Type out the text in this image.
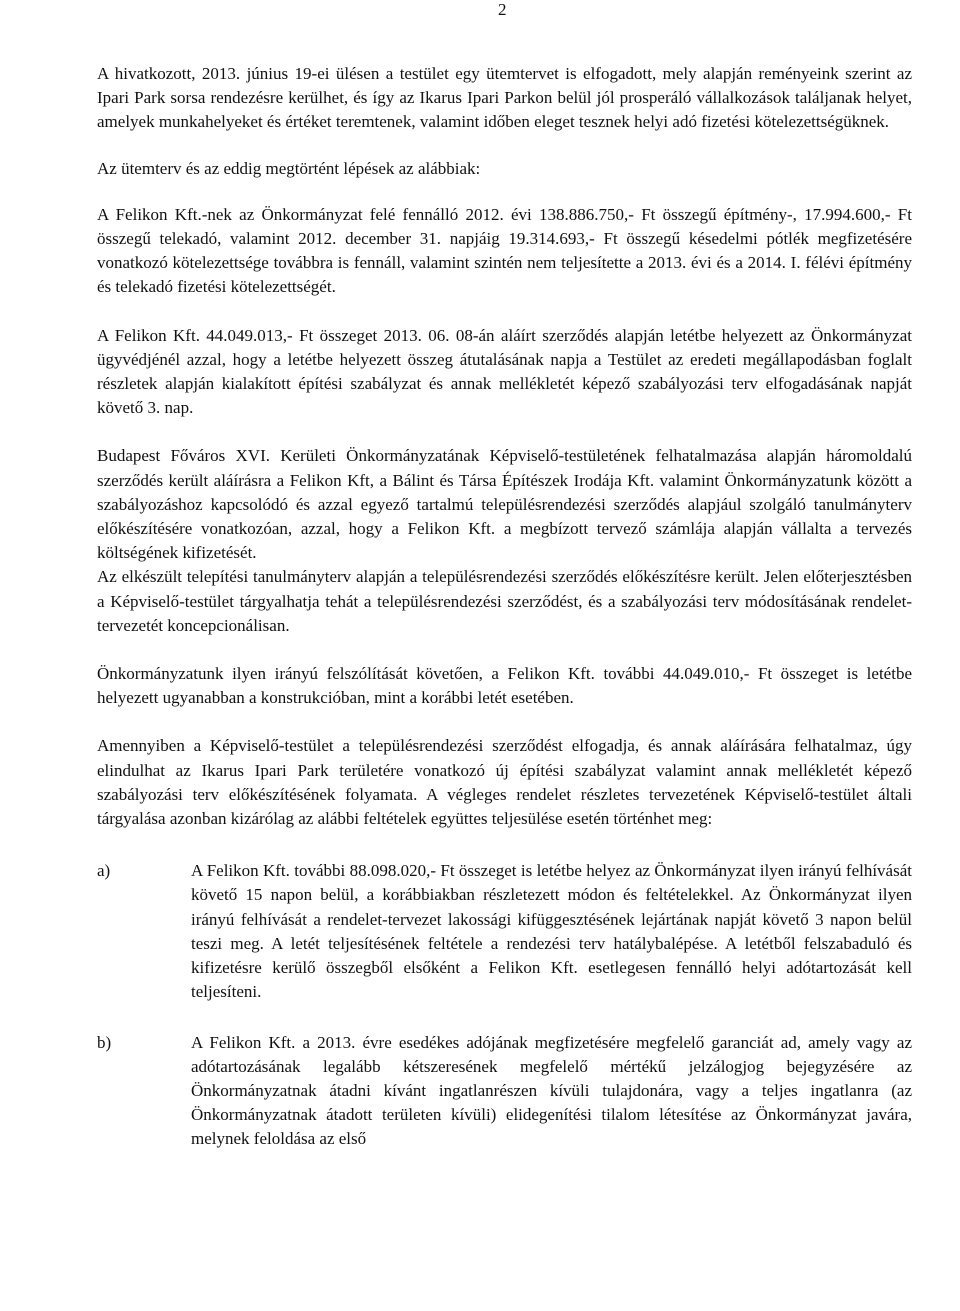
2

A hivatkozott, 2013. június 19-ei ülésen a testület egy ütemtervet is elfogadott, mely alapján reményeink szerint az Ipari Park sorsa rendezésre kerülhet, és így az Ikarus Ipari Parkon belül jól prosperáló vállalkozások találjanak helyet, amelyek munkahelyeket és értéket teremtenek, valamint időben eleget tesznek helyi adó fizetési kötelezettségüknek.

Az ütemterv és az eddig megtörtént lépések az alábbiak:

A Felikon Kft.-nek az Önkormányzat felé fennálló 2012. évi 138.886.750,- Ft összegű építmény-, 17.994.600,- Ft összegű telekadó, valamint 2012. december 31. napjáig 19.314.693,- Ft összegű késedelmi pótlék megfizetésére vonatkozó kötelezettsége továbbra is fennáll, valamint szintén nem teljesítette a 2013. évi és a 2014. I. félévi építmény és telekadó fizetési kötelezettségét.

A Felikon Kft. 44.049.013,- Ft összeget 2013. 06. 08-án aláírt szerződés alapján letétbe helyezett az Önkormányzat ügyvédjénél azzal, hogy a letétbe helyezett összeg átutalásának napja a Testület az eredeti megállapodásban foglalt részletek alapján kialakított építési szabályzat és annak mellékletét képező szabályozási terv elfogadásának napját követő 3. nap.

Budapest Főváros XVI. Kerületi Önkormányzatának Képviselő-testületének felhatalmazása alapján háromoldalú szerződés került aláírásra a Felikon Kft, a Bálint és Társa Építészek Irodája Kft. valamint Önkormányzatunk között a szabályozáshoz kapcsolódó és azzal egyező tartalmú településrendezési szerződés alapjául szolgáló tanulmányterv előkészítésére vonatkozóan, azzal, hogy a Felikon Kft. a megbízott tervező számlája alapján vállalta a tervezés költségének kifizetését.

Az elkészült telepítési tanulmányterv alapján a településrendezési szerződés előkészítésre került. Jelen előterjesztésben a Képviselő-testület tárgyalhatja tehát a településrendezési szerződést, és a szabályozási terv módosításának rendelet-tervezetét koncepcionálisan.

Önkormányzatunk ilyen irányú felszólítását követően, a Felikon Kft. további 44.049.010,- Ft összeget is letétbe helyezett ugyanabban a konstrukcióban, mint a korábbi letét esetében.

Amennyiben a Képviselő-testület a településrendezési szerződést elfogadja, és annak aláírására felhatalmaz, úgy elindulhat az Ikarus Ipari Park területére vonatkozó új építési szabályzat valamint annak mellékletét képező szabályozási terv előkészítésének folyamata. A végleges rendelet részletes tervezetének Képviselő-testület általi tárgyalása azonban kizárólag az alábbi feltételek együttes teljesülése esetén történhet meg:

a)	A Felikon Kft. további 88.098.020,- Ft összeget is letétbe helyez az Önkormányzat ilyen irányú felhívását követő 15 napon belül, a korábbiakban részletezett módon és feltételekkel. Az Önkormányzat ilyen irányú felhívását a rendelet-tervezet lakossági kifüggesztésének lejártának napját követő 3 napon belül teszi meg. A letét teljesítésének feltétele a rendezési terv hatálybalépése. A letétből felszabaduló és kifizetésre kerülő összegből elsőként a Felikon Kft. esetlegesen fennálló helyi adótartozását kell teljesíteni.
b)	A Felikon Kft. a 2013. évre esedékes adójának megfizetésére megfelelő garanciát ad, amely vagy az adótartozásának legalább kétszeresének megfelelő mértékű jelzálogjog bejegyzésére az Önkormányzatnak átadni kívánt ingatlanrészen kívüli tulajdonára, vagy a teljes ingatlanra (az Önkormányzatnak átadott területen kívüli) elidegenítési tilalom létesítése az Önkormányzat javára, melynek feloldása az első
